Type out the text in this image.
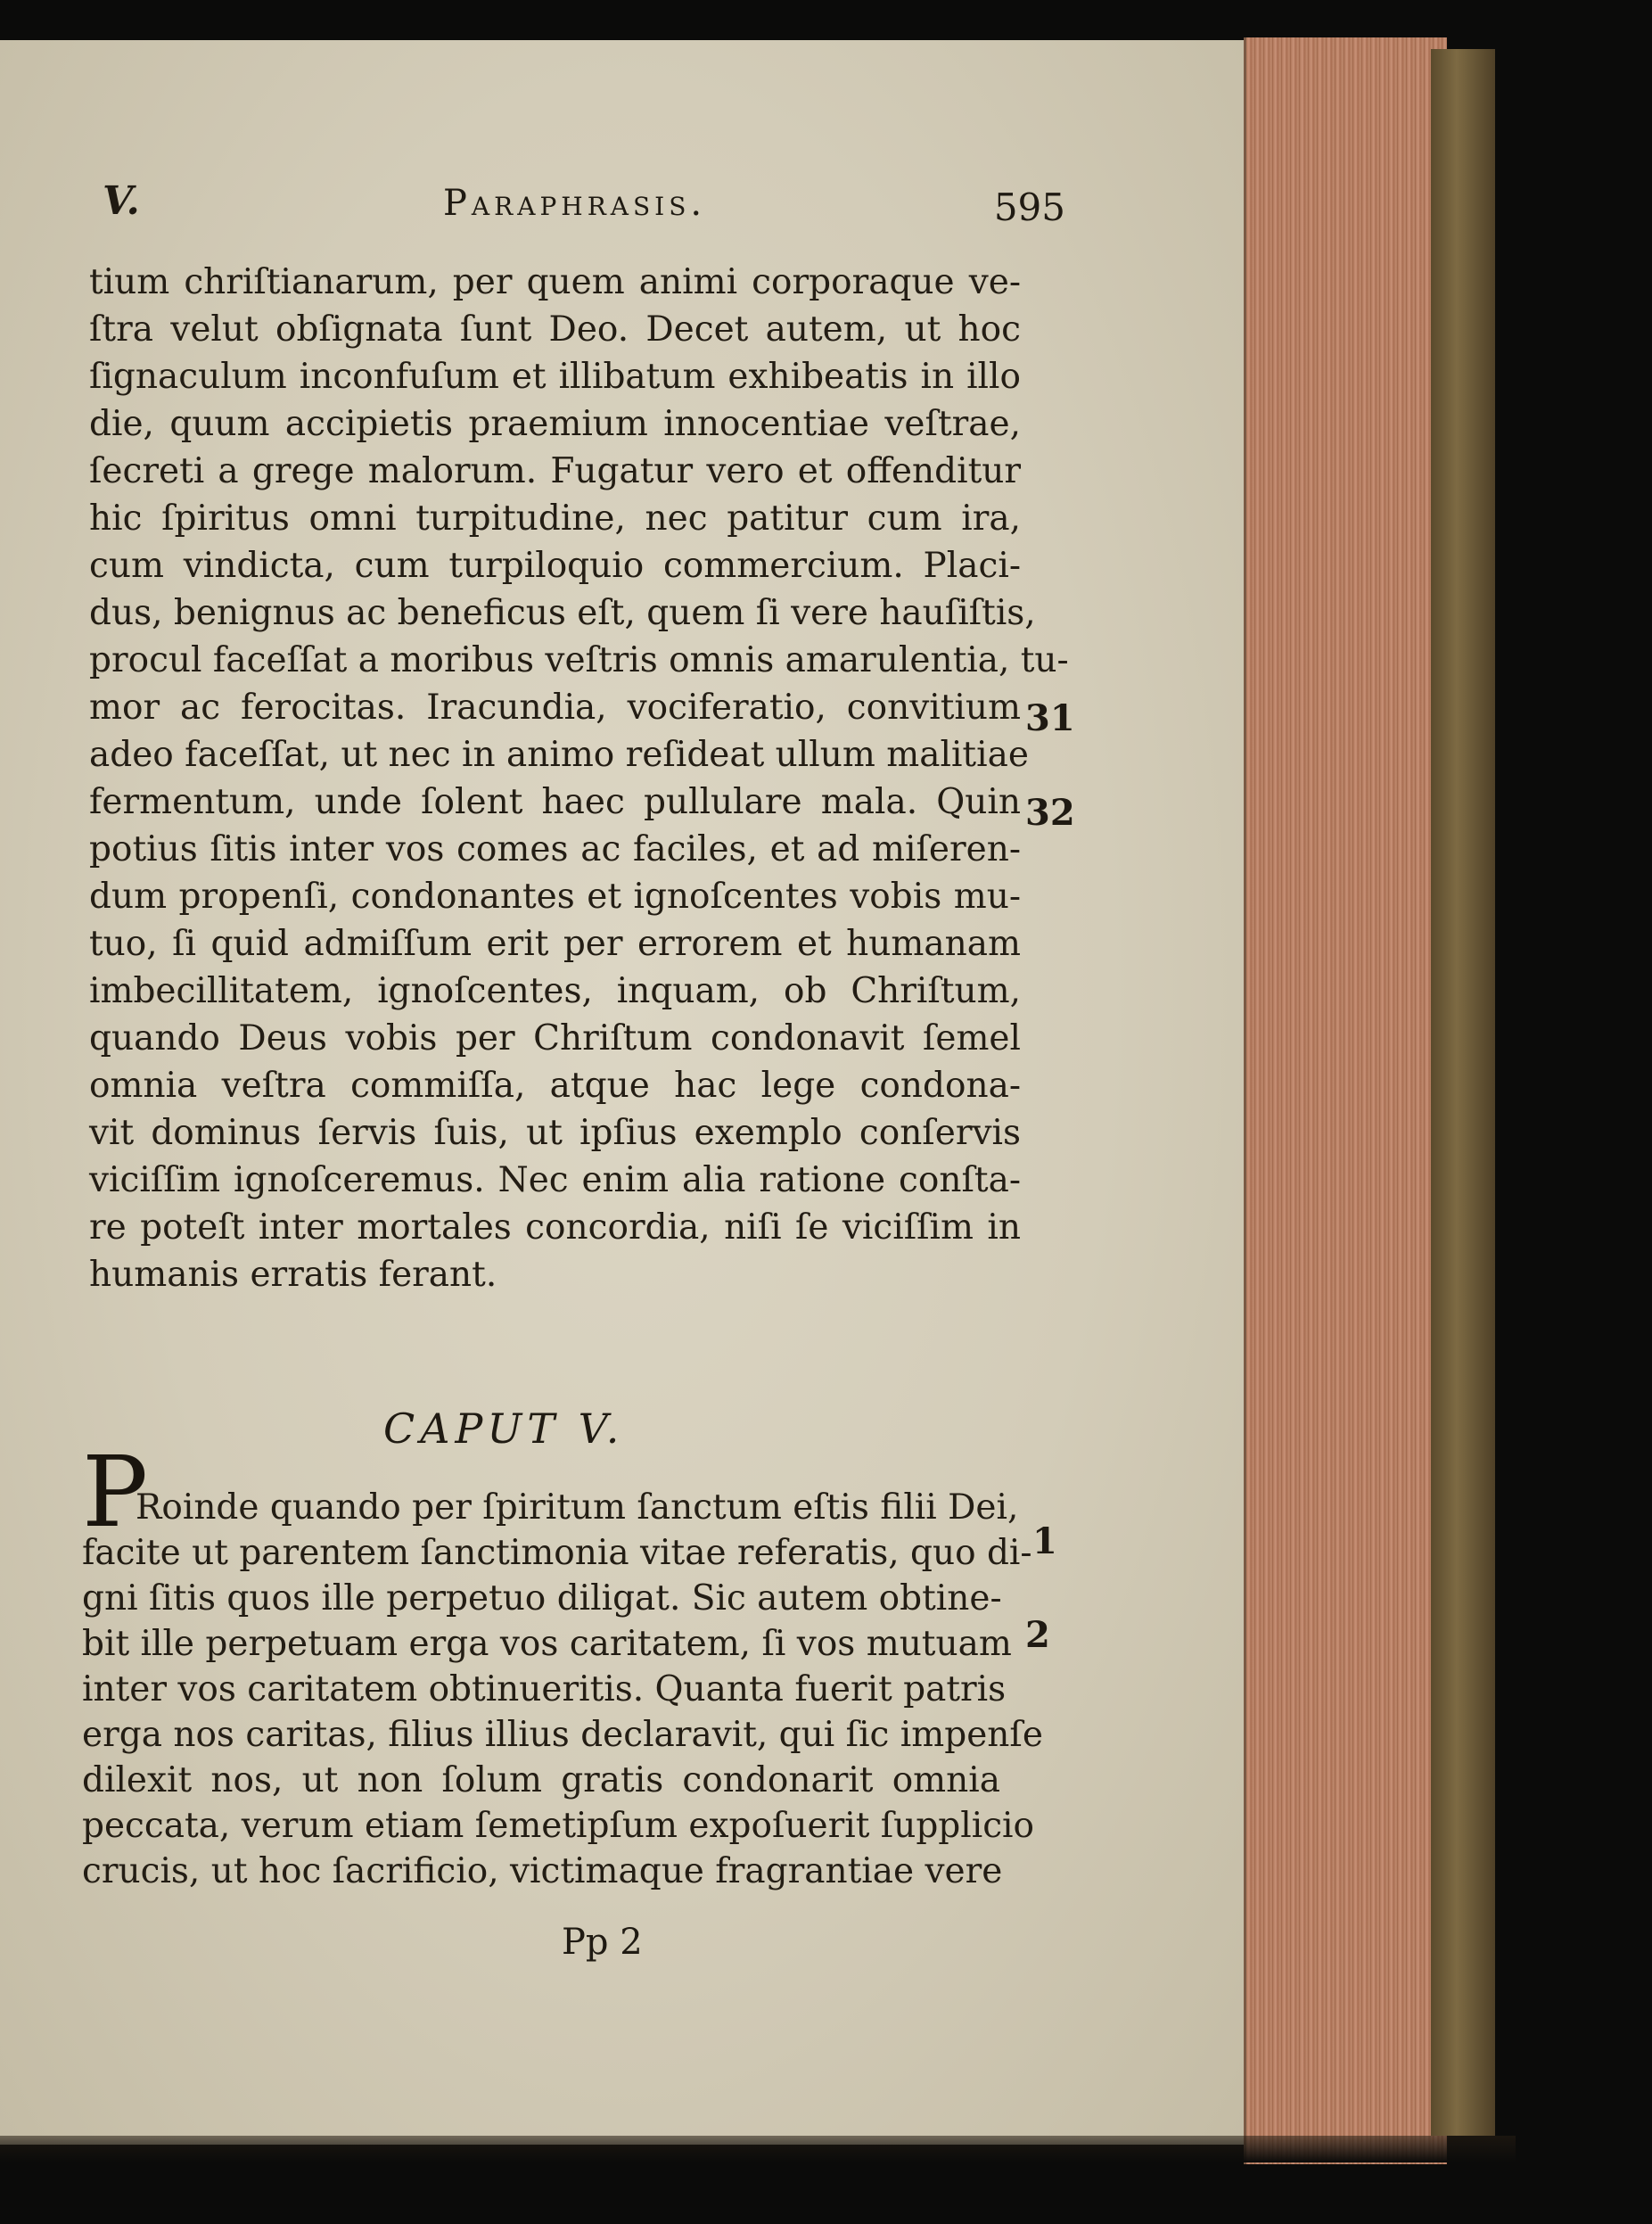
V.	Paraphrasis.	595
tium chriſtianarum, per quem animi corporaque ve-
ſtra velut obſignata ſunt Deo. Decet autem, ut hoc
ſignaculum inconfuſum et illibatum exhibeatis in illo
die, quum accipietis praemium innocentiae veſtrae,
ſecreti a grege malorum. Fugatur vero et offenditur
hic ſpiritus omni turpitudine, nec patitur cum ira,
cum vindicta, cum turpiloquio commercium. Placi-
dus, benignus ac beneficus eſt, quem ſi vere hauſiſtis,
procul faceſſat a moribus veſtris omnis amarulentia, tu-
mor ac ferocitas. Iracundia, vociferatio, convitium
adeo faceſſat, ut nec in animo reſideat ullum malitiae
fermentum, unde ſolent haec pullulare mala. Quin
potius ſitis inter vos comes ac faciles, et ad miſeren-
dum propenſi, condonantes et ignoſcentes vobis mu-
tuo, ſi quid admiſſum erit per errorem et humanam
imbecillitatem, ignoſcentes, inquam, ob Chriſtum,
quando Deus vobis per Chriſtum condonavit ſemel
omnia veſtra commiſſa, atque hac lege condona-
vit dominus ſervis ſuis, ut ipſius exemplo conſervis
viciſſim ignoſceremus. Nec enim alia ratione conſta-
re poteſt inter mortales concordia, niſi ſe viciſſim in
humanis erratis ferant.
31
32
CAPUT V.
P
Roinde quando per ſpiritum ſanctum eſtis filii Dei,
facite ut parentem ſanctimonia vitae referatis, quo di-
gni ſitis quos ille perpetuo diligat. Sic autem obtine-
bit ille perpetuam erga vos caritatem, ſi vos mutuam
inter vos caritatem obtinueritis. Quanta fuerit patris
erga nos caritas, filius illius declaravit, qui ſic impenſe
dilexit nos, ut non ſolum gratis condonarit omnia
peccata, verum etiam ſemetipſum expoſuerit ſupplicio
crucis, ut hoc ſacrificio, victimaque fragrantiae vere
1
2
Pp 2
